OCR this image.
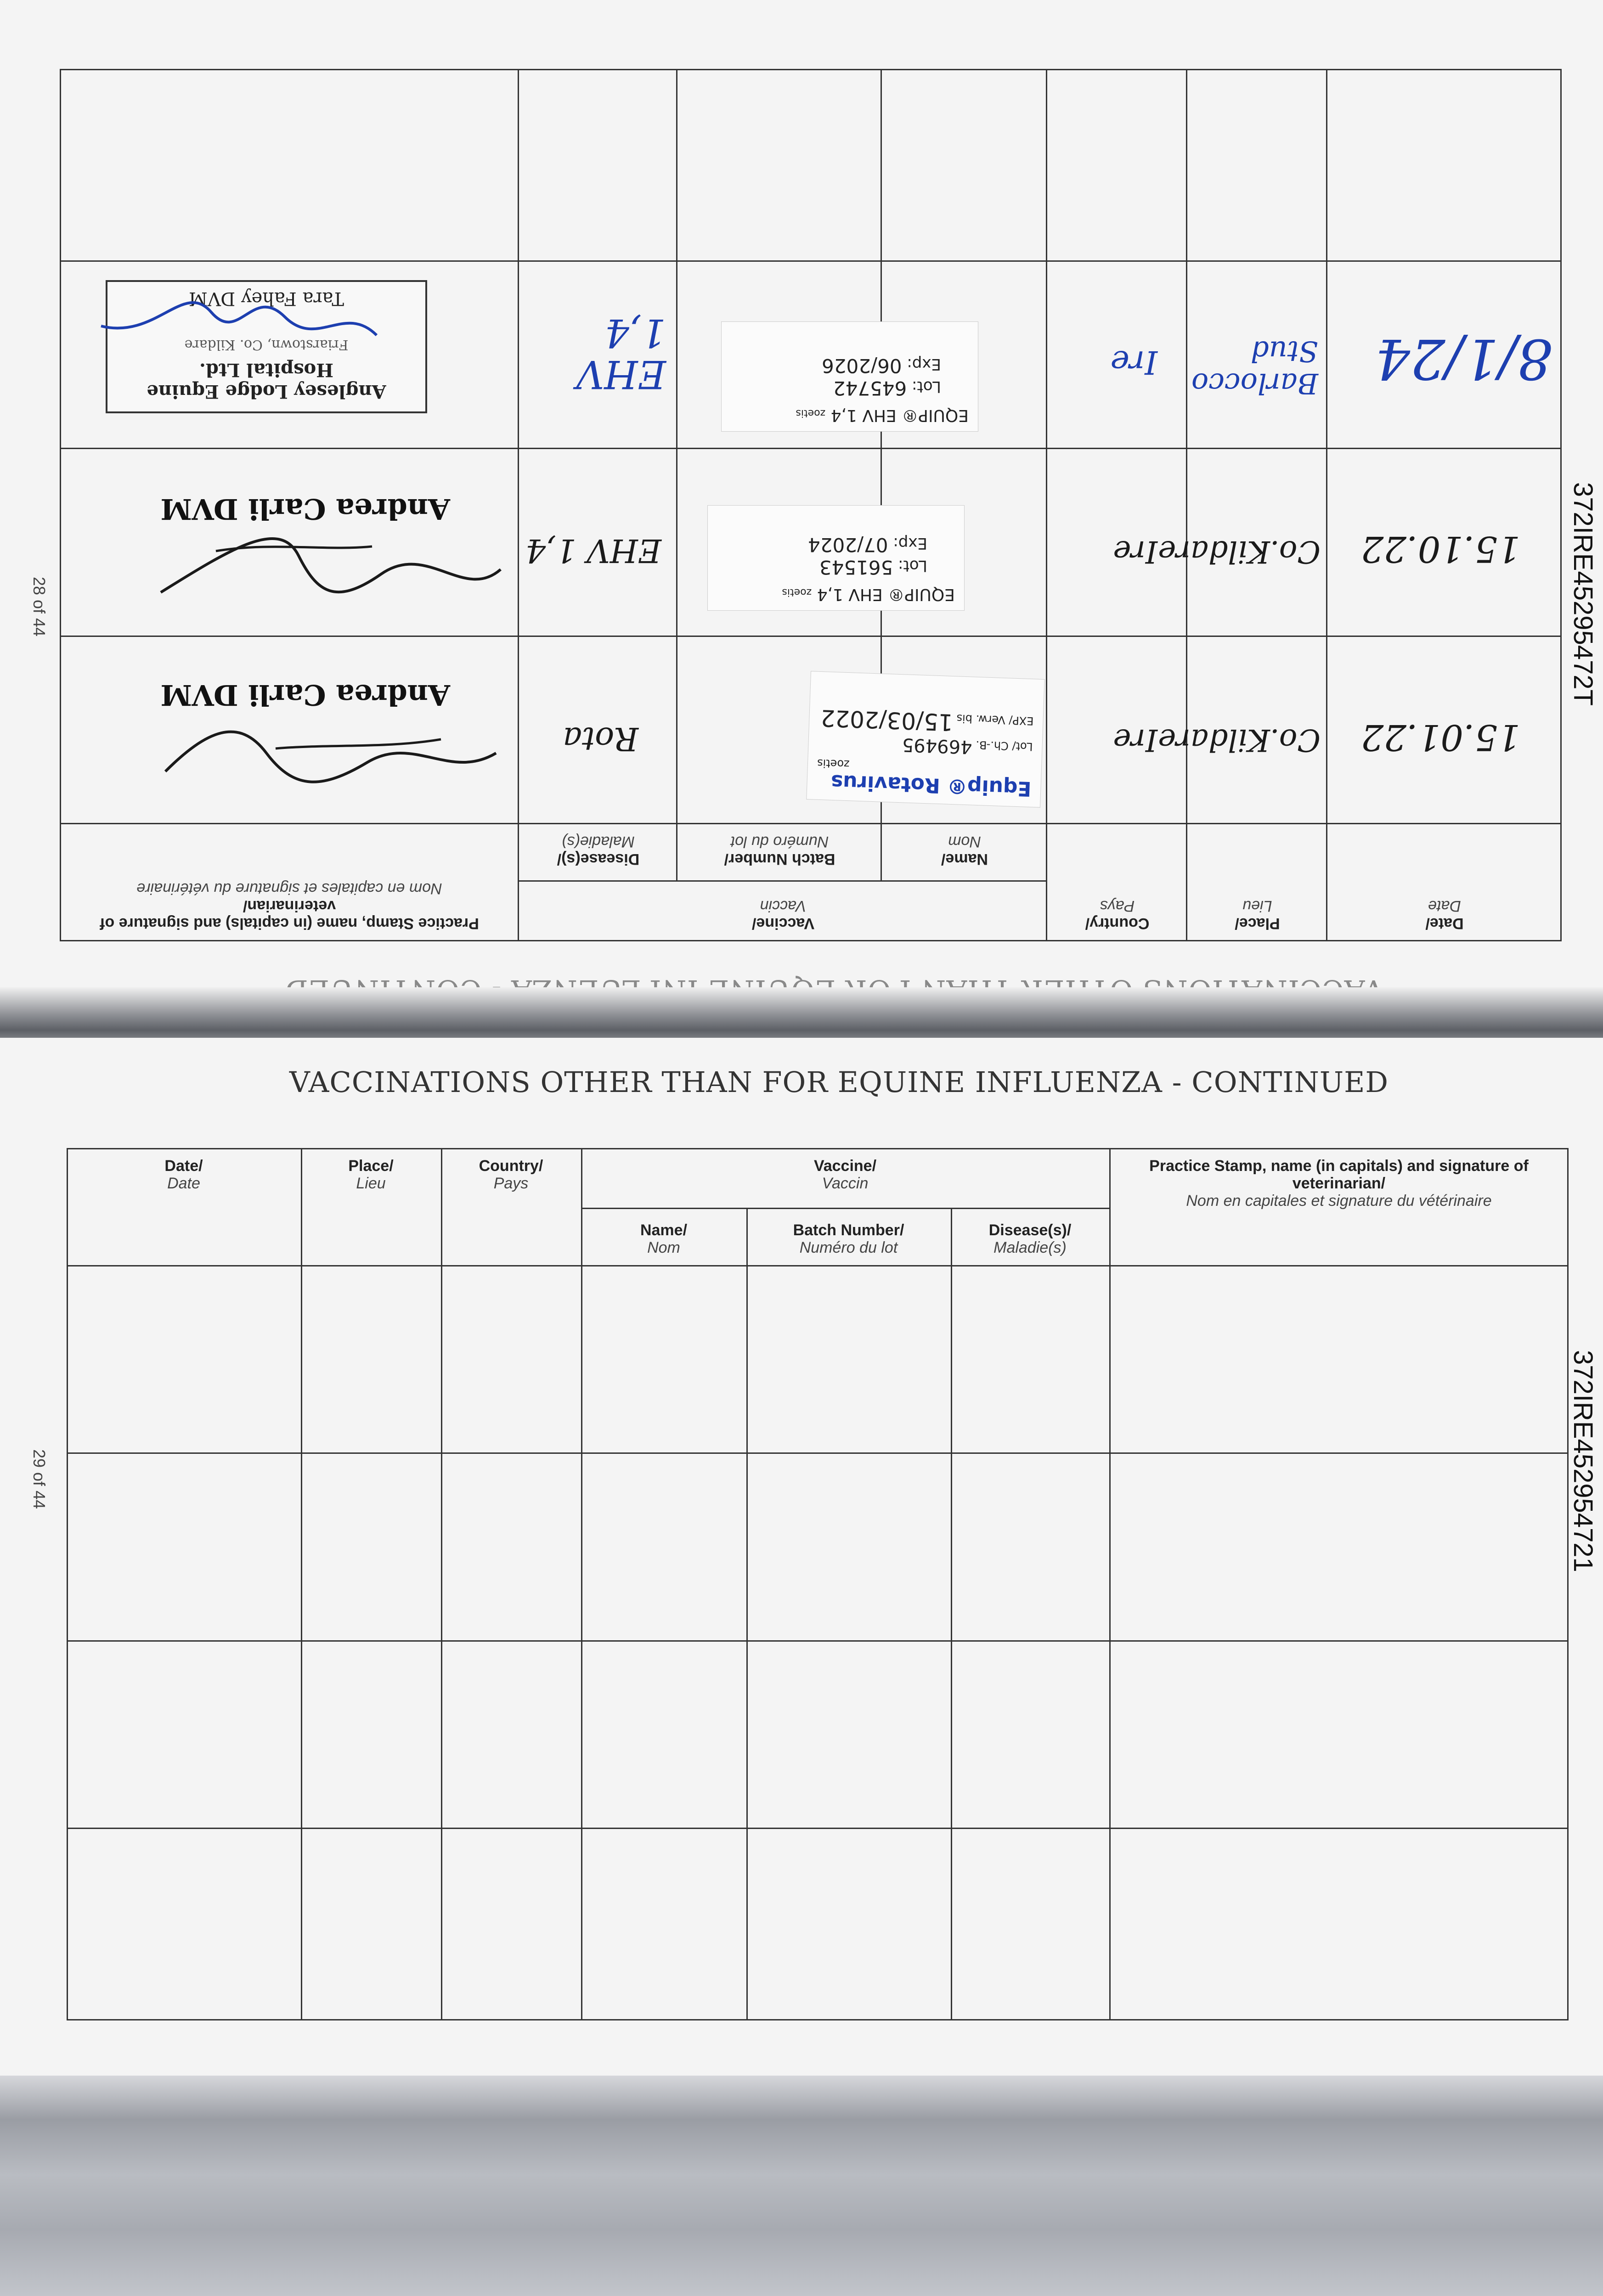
Date/
Date
Place/
Lieu
Country/
Pays
Vaccine/
Vaccin
Name/
Nom
Batch Number/
Numéro du lot
Disease(s)/
Maladie(s)
Practice Stamp, name (in capitals) and signature of veterinarian/
Nom en capitales et signature du vétérinaire
15.01.22
Co.Kildare
Ire
Equip® Rotavirus
zoetis
Lot/ Ch.-B. 469495
EXP/ Verw. bis 15/03/2022
Rota
Andrea Carli DVM
15.10.22
Co.Kildare
Ire
EQUIP® EHV 1,4 zoetis
Lot: 561543
Exp: 07/2024
EHV 1,4
Andrea Carli DVM
8/1/24
Barlocco Stud
Ire
EQUIP® EHV 1,4 zoetis
Lot: 645742
Exp: 06/2026
EHV 1,4
Anglesey Lodge Equine Hospital Ltd.
Friarstown, Co. Kildare
Tara Fahey DVM
28 of 44	372IRE45295472T
VACCINATIONS OTHER THAN FOR EQUINE INFLUENZA - CONTINUED
Date/
Date
Place/
Lieu
Country/
Pays
Vaccine/
Vaccin
Name/
Nom
Batch Number/
Numéro du lot
Disease(s)/
Maladie(s)
Practice Stamp, name (in capitals) and signature of veterinarian/
Nom en capitales et signature du vétérinaire
29 of 44	372IRE452954721
